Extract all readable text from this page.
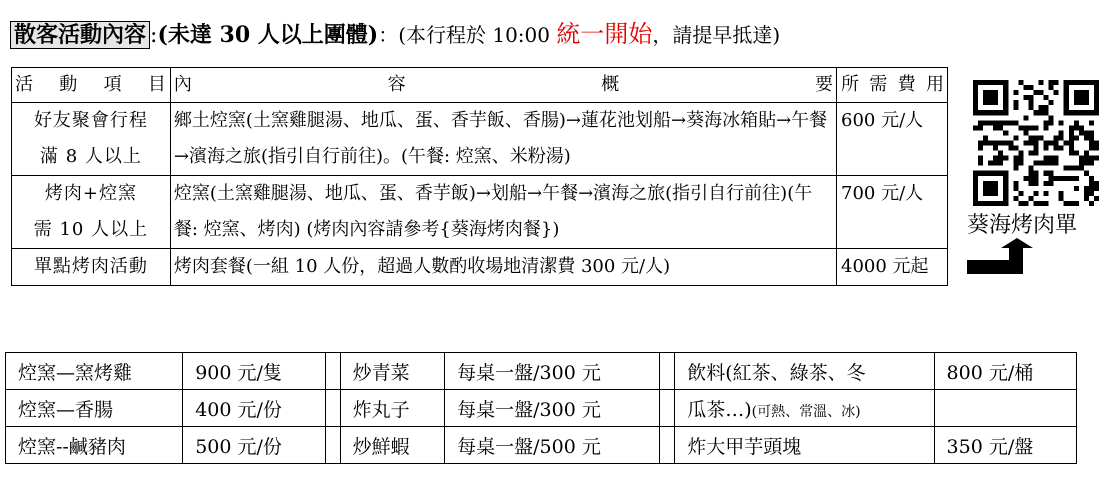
散客活動內容 :(未達 30 人以上團體)：(本行程於 10:00 統一開始，請提早抵達)
活 動 項 目	內 容 概 要	所 需 費 用

好友聚會行程
滿 8 人以上	鄉土焢窯(土窯雞腿湯、地瓜、蛋、香芋飯、香腸)→蓮花池划船→葵海冰箱貼→午餐→濱海之旅(指引自行前往)。(午餐: 焢窯、米粉湯)	600 元/人

烤肉+焢窯
需 10 人以上	焢窯(土窯雞腿湯、地瓜、蛋、香芋飯)→划船→午餐→濱海之旅(指引自行前往)(午餐: 焢窯、烤肉) (烤肉內容請參考{葵海烤肉餐})	700 元/人
單點烤肉活動	烤肉套餐(一組 10 人份，超過人數酌收場地清潔費 300 元/人)	4000 元起
葵海烤肉單
焢窯—窯烤雞	900 元/隻		炒青菜	每桌一盤/300 元		飲料(紅茶、綠茶、冬	800 元/桶
焢窯—香腸	400 元/份		炸丸子	每桌一盤/300 元		瓜茶…)(可熱、常溫、冰)	
焢窯--鹹豬肉	500 元/份		炒鮮蝦	每桌一盤/500 元		炸大甲芋頭塊	350 元/盤
